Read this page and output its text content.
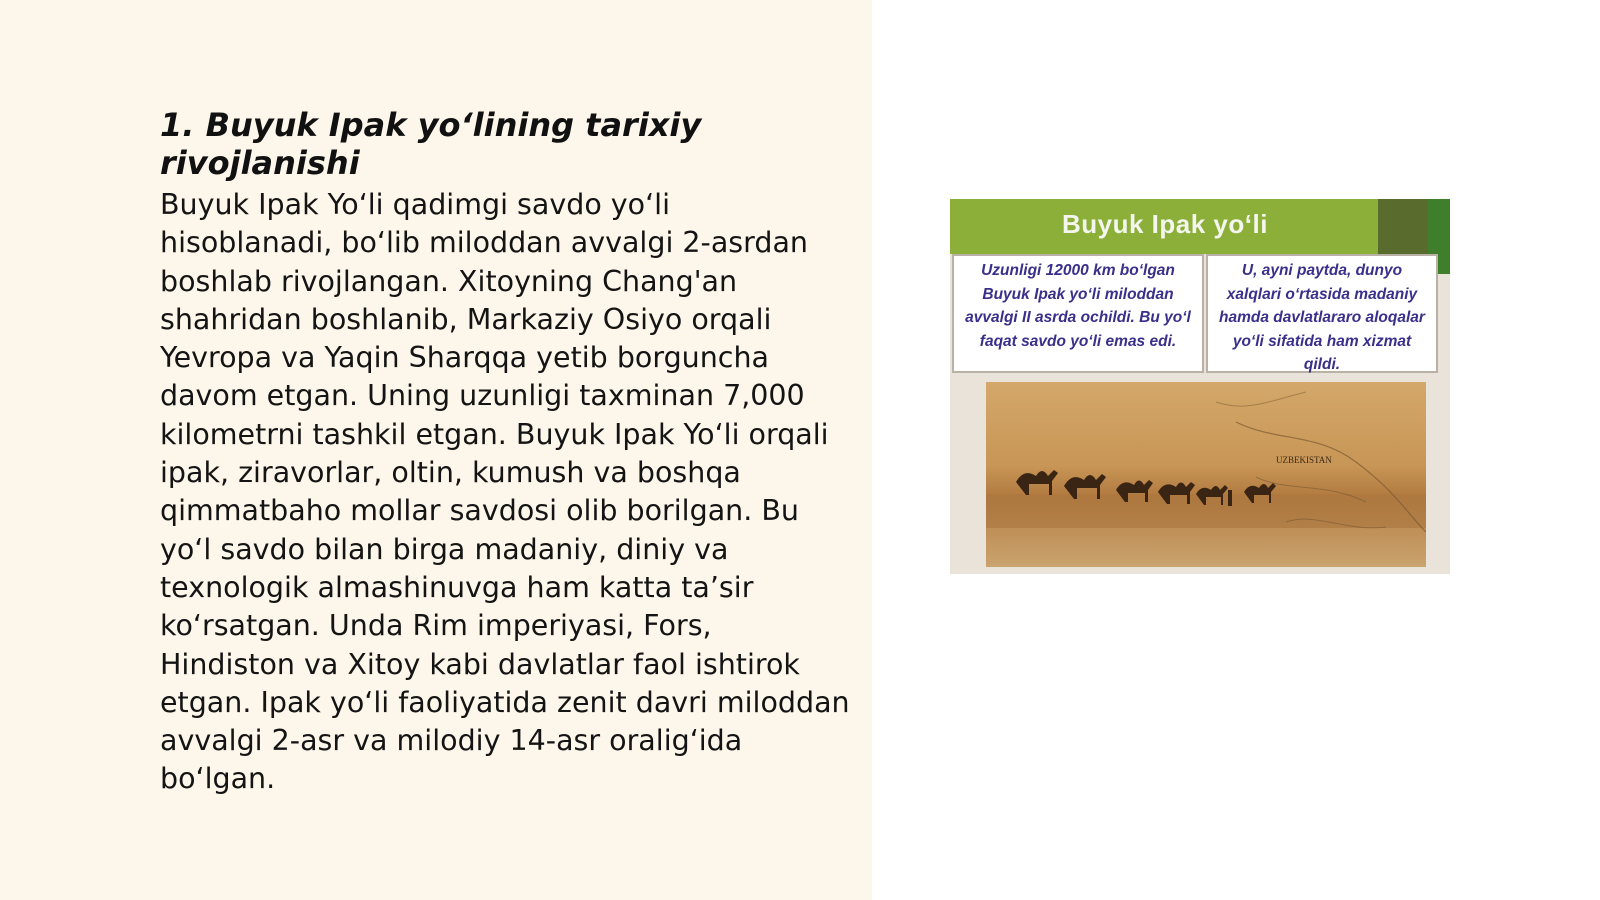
1. Buyuk Ipak yo‘lining tarixiy rivojlanishi

Buyuk Ipak Yo‘li qadimgi savdo yo‘li hisoblanadi, bo‘lib miloddan avvalgi 2-asrdan boshlab rivojlangan. Xitoyning Chang'an shahridan boshlanib, Markaziy Osiyo orqali Yevropa va Yaqin Sharqqa yetib borguncha davom etgan. Uning uzunligi taxminan 7,000 kilometrni tashkil etgan. Buyuk Ipak Yo‘li orqali ipak, ziravorlar, oltin, kumush va boshqa qimmatbaho mollar savdosi olib borilgan. Bu yo‘l savdo bilan birga madaniy, diniy va texnologik almashinuvga ham katta ta’sir ko‘rsatgan. Unda Rim imperiyasi, Fors, Hindiston va Xitoy kabi davlatlar faol ishtirok etgan. Ipak yo‘li faoliyatida zenit davri miloddan avvalgi 2-asr va milodiy 14-asr oralig‘ida bo‘lgan.

Buyuk Ipak yo‘li
Uzunligi 12000 km bo‘lgan Buyuk Ipak yo‘li miloddan avvalgi II asrda ochildi. Bu yo‘l faqat savdo yo‘li emas edi.
U, ayni paytda, dunyo xalqlari o‘rtasida madaniy hamda davlatlararo aloqalar yo‘li sifatida ham xizmat qildi.
UZBEKISTAN
